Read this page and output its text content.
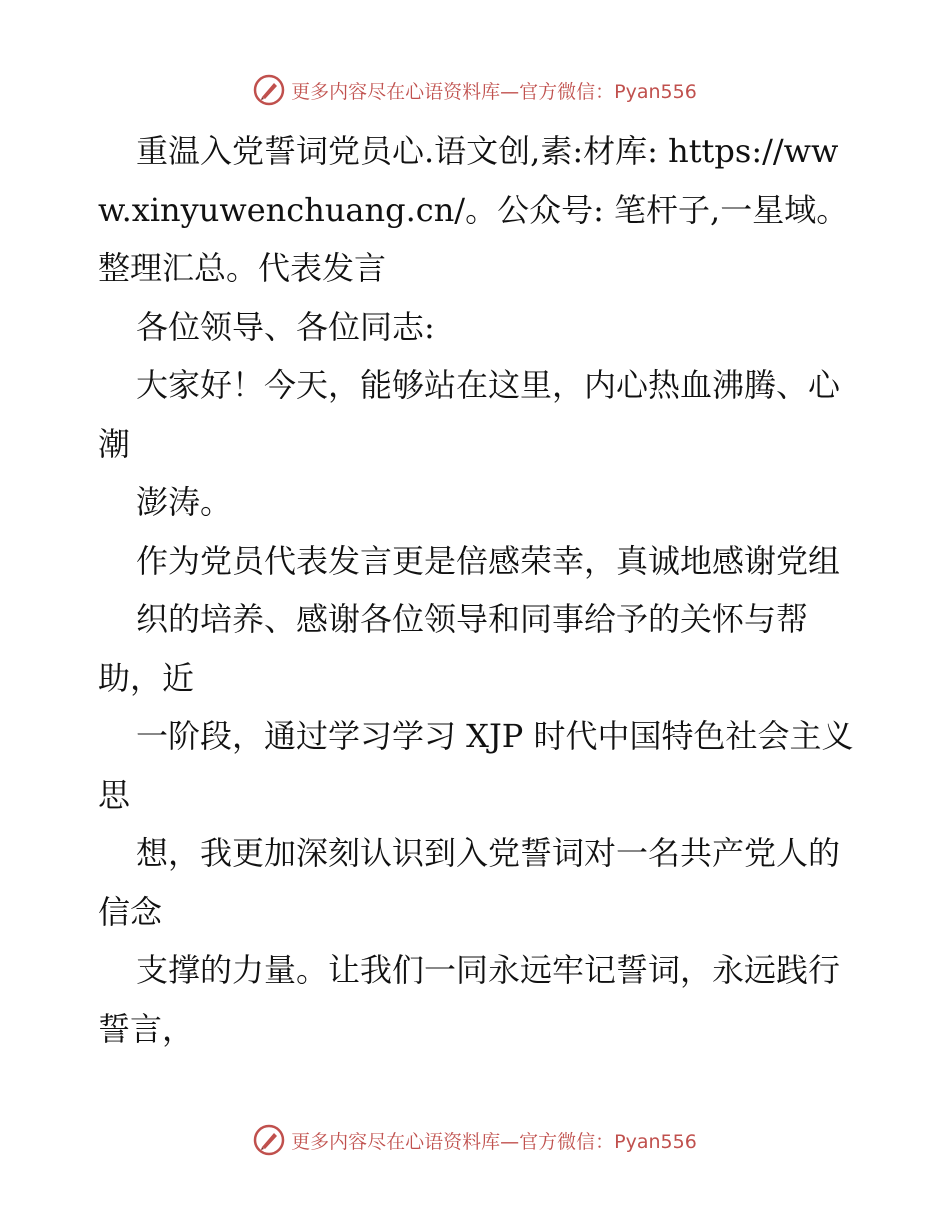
更多内容尽在心语资料库—官方微信：Pyan556

重温入党誓词党员心.语文创,素:材库: https://www.xinyuwenchuang.cn/。公众号: 笔杆子,一星域。整理汇总。代表发言

各位领导、各位同志:

大家好！今天，能够站在这里，内心热血沸腾、心潮

澎涛。

作为党员代表发言更是倍感荣幸，真诚地感谢党组

织的培养、感谢各位领导和同事给予的关怀与帮助，近

一阶段，通过学习学习 XJP 时代中国特色社会主义思

想，我更加深刻认识到入党誓词对一名共产党人的信念

支撑的力量。让我们一同永远牢记誓词，永远践行誓言，

更多内容尽在心语资料库—官方微信：Pyan556
